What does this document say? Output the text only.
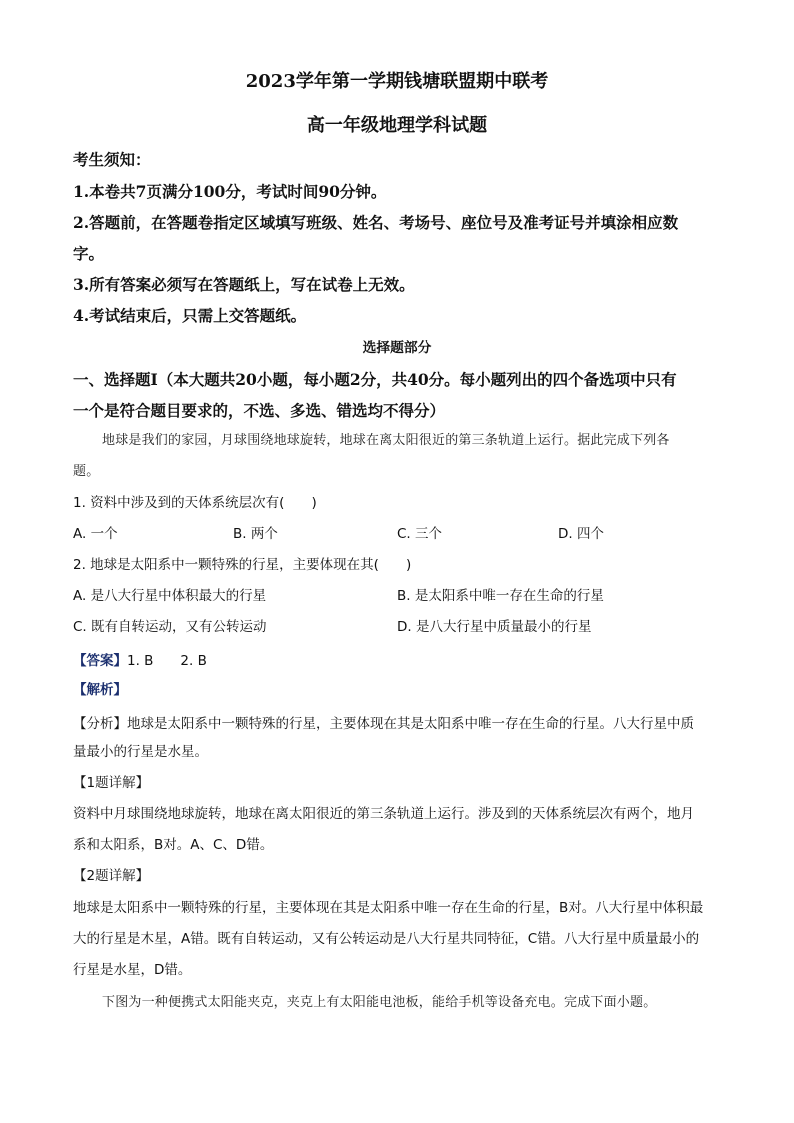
2023学年第一学期钱塘联盟期中联考
高一年级地理学科试题
考生须知：
1.本卷共7页满分100分，考试时间90分钟。
2.答题前，在答题卷指定区域填写班级、姓名、考场号、座位号及准考证号并填涂相应数
字。
3.所有答案必须写在答题纸上，写在试卷上无效。
4.考试结束后，只需上交答题纸。
选择题部分
一、选择题Ⅰ（本大题共20小题，每小题2分，共40分。每小题列出的四个备选项中只有
一个是符合题目要求的，不选、多选、错选均不得分）
地球是我们的家园，月球围绕地球旋转，地球在离太阳很近的第三条轨道上运行。据此完成下列各
题。
1. 资料中涉及到的天体系统层次有(　　)
A. 一个	B. 两个	C. 三个	D. 四个
2. 地球是太阳系中一颗特殊的行星，主要体现在其(　　)
A. 是八大行星中体积最大的行星	B. 是太阳系中唯一存在生命的行星
C. 既有自转运动，又有公转运动	D. 是八大行星中质量最小的行星
【答案】1. B　　2. B
【解析】
【分析】地球是太阳系中一颗特殊的行星，主要体现在其是太阳系中唯一存在生命的行星。八大行星中质
量最小的行星是水星。
【1题详解】
资料中月球围绕地球旋转，地球在离太阳很近的第三条轨道上运行。涉及到的天体系统层次有两个，地月
系和太阳系，B对。A、C、D错。
【2题详解】
地球是太阳系中一颗特殊的行星，主要体现在其是太阳系中唯一存在生命的行星，B对。八大行星中体积最
大的行星是木星，A错。既有自转运动，又有公转运动是八大行星共同特征，C错。八大行星中质量最小的
行星是水星，D错。
下图为一种便携式太阳能夹克，夹克上有太阳能电池板，能给手机等设备充电。完成下面小题。
